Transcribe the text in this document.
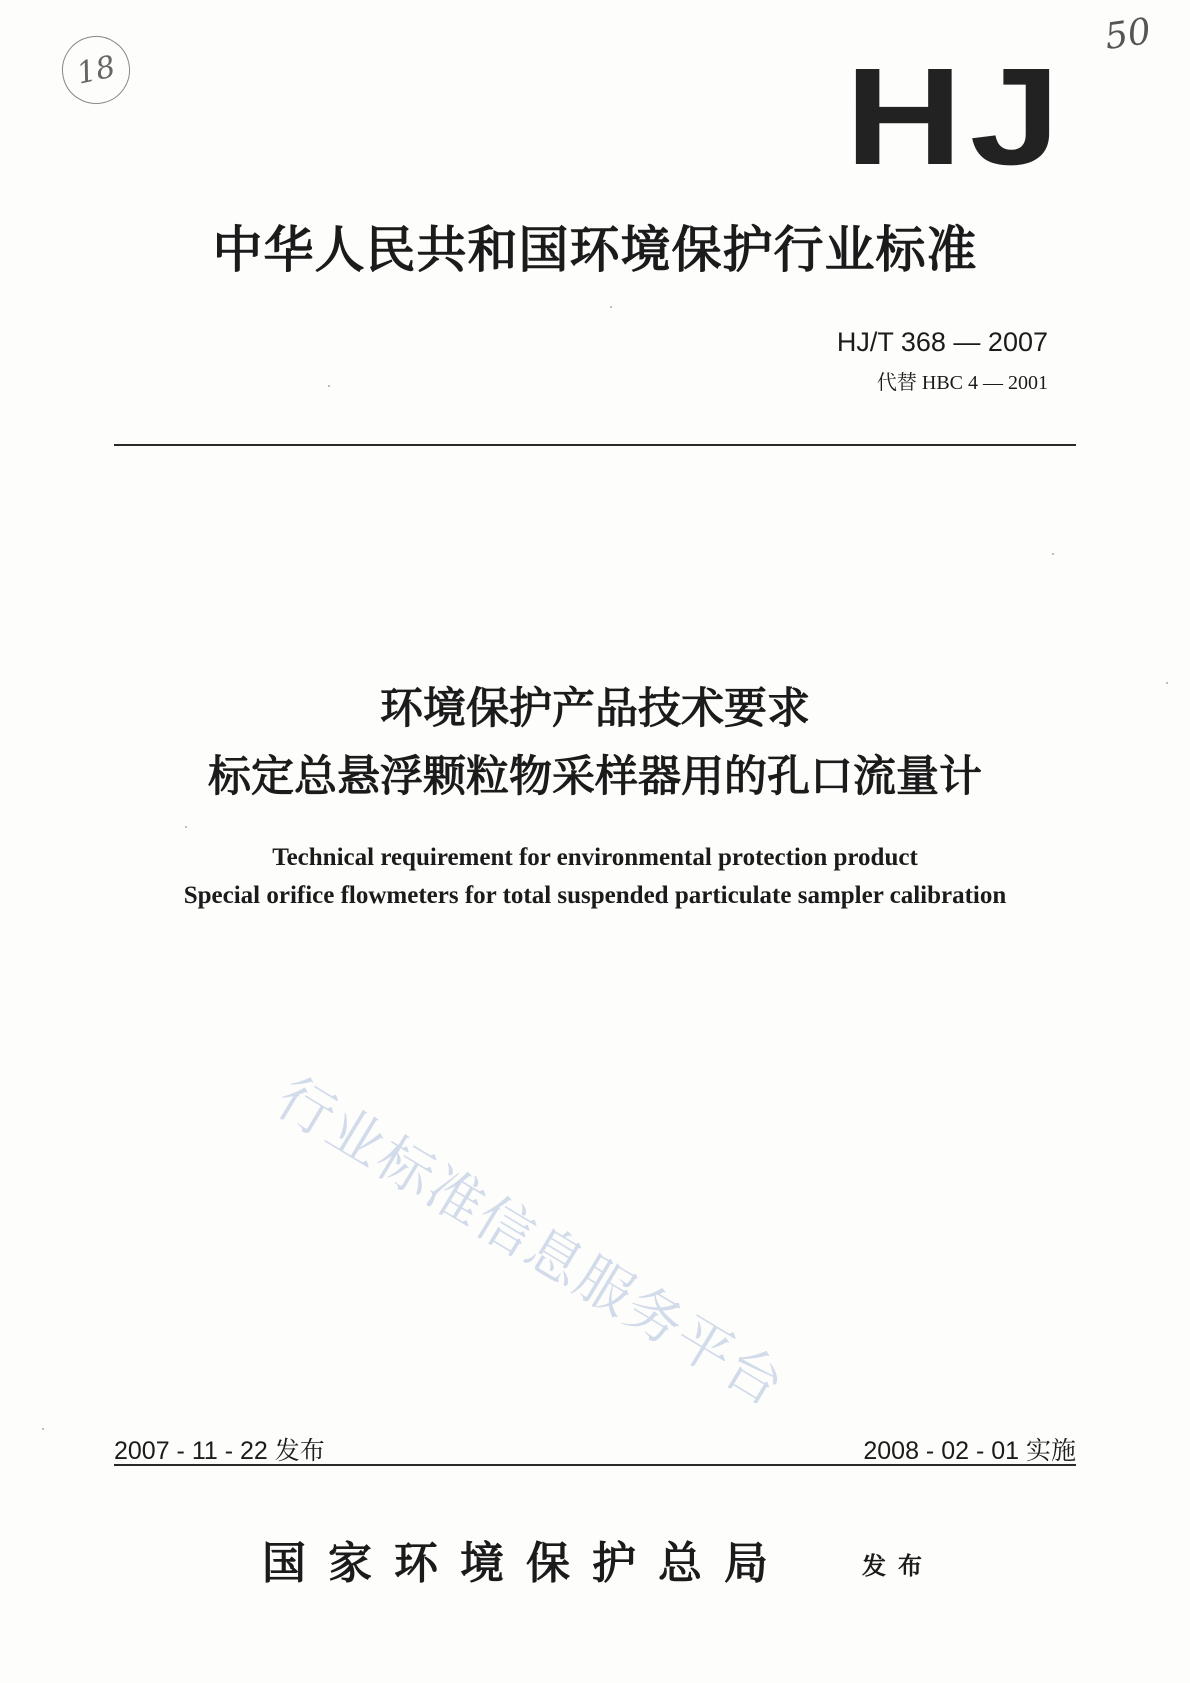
18
50
HJ
中华人民共和国环境保护行业标准
HJ/T 368 — 2007
代替 HBC 4 — 2001
环境保护产品技术要求
标定总悬浮颗粒物采样器用的孔口流量计
Technical requirement for environmental protection product
Special orifice flowmeters for total suspended particulate sampler calibration
行业标准信息服务平台
2007 - 11 - 22 发布	2008 - 02 - 01 实施
国家环境保护总局	发布
